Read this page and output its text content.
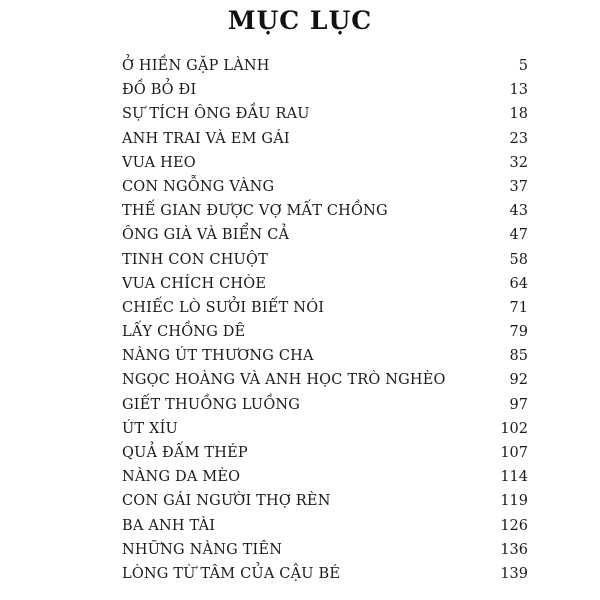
MỤC LỤC
Ở HIỀN GẶP LÀNH	5
ĐỒ BỎ ĐI	13
SỰ TÍCH ÔNG ĐẦU RAU	18
ANH TRAI VÀ EM GÁI	23
VUA HEO	32
CON NGỖNG VÀNG	37
THẾ GIAN ĐƯỢC VỢ MẤT CHỒNG	43
ÔNG GIÀ VÀ BIỂN CẢ	47
TINH CON CHUỘT	58
VUA CHÍCH CHÒE	64
CHIẾC LÒ SƯỞI BIẾT NÓI	71
LẤY CHỒNG DÊ	79
NÀNG ÚT THƯƠNG CHA	85
NGỌC HOÀNG VÀ ANH HỌC TRÒ NGHÈO	92
GIẾT THUỒNG LUỒNG	97
ÚT XÍU	102
QUẢ ĐẤM THÉP	107
NÀNG DA MÈO	114
CON GÁI NGƯỜI THỢ RÈN	119
BA ANH TÀI	126
NHỮNG NÀNG TIÊN	136
LÒNG TỪ TÂM CỦA CẬU BÉ	139
